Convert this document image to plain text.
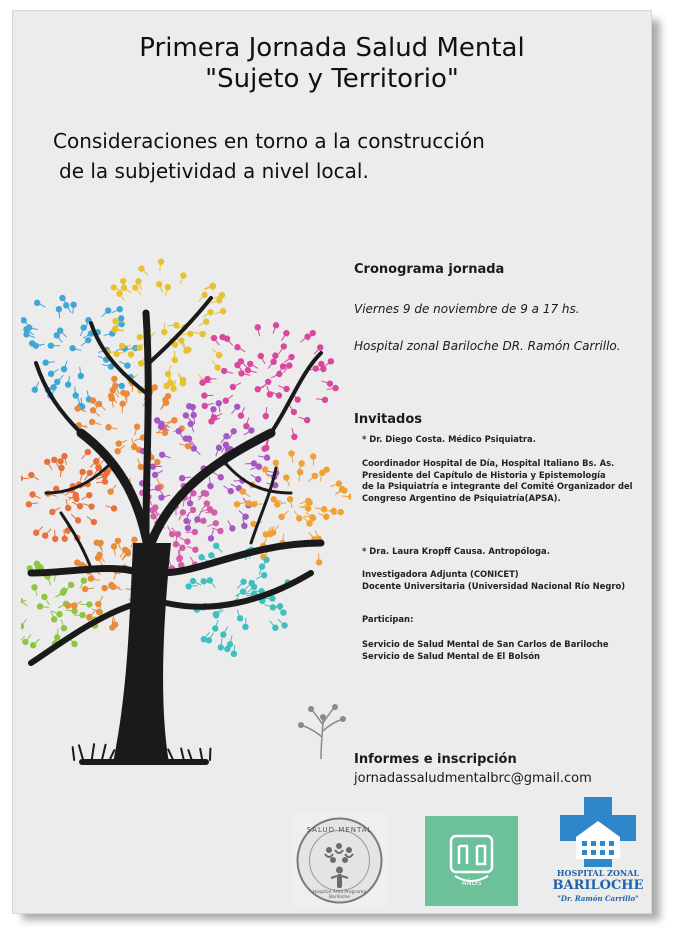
Primera Jornada Salud Mental
"Sujeto y Territorio"
Consideraciones en torno a la construcción
de la subjetividad a nivel local.
Cronograma jornada
Viernes 9 de noviembre de 9 a 17 hs.
Hospital zonal Bariloche DR. Ramón Carrillo.
Invitados
* Dr. Diego Costa. Médico Psiquiatra.
Coordinador Hospital de Día, Hospital Italiano Bs. As.
Presidente del Capítulo de Historia y Epistemología
de la Psiquiatría e integrante del Comité Organizador del
Congreso Argentino de Psiquiatría(APSA).
* Dra. Laura Kropff Causa. Antropóloga.
Investigadora Adjunta (CONICET)
Docente Universitaria (Universidad Nacional Río Negro)
Participan:
Servicio de Salud Mental de San Carlos de Bariloche
Servicio de Salud Mental de El Bolsón
Informes e inscripción
jornadassaludmentalbrc@gmail.com
SALUD MENTAL
Hospital Área Programa Bariloche
AÑOS
HOSPITAL ZONAL
BARILOCHE
"Dr. Ramón Carrillo"
